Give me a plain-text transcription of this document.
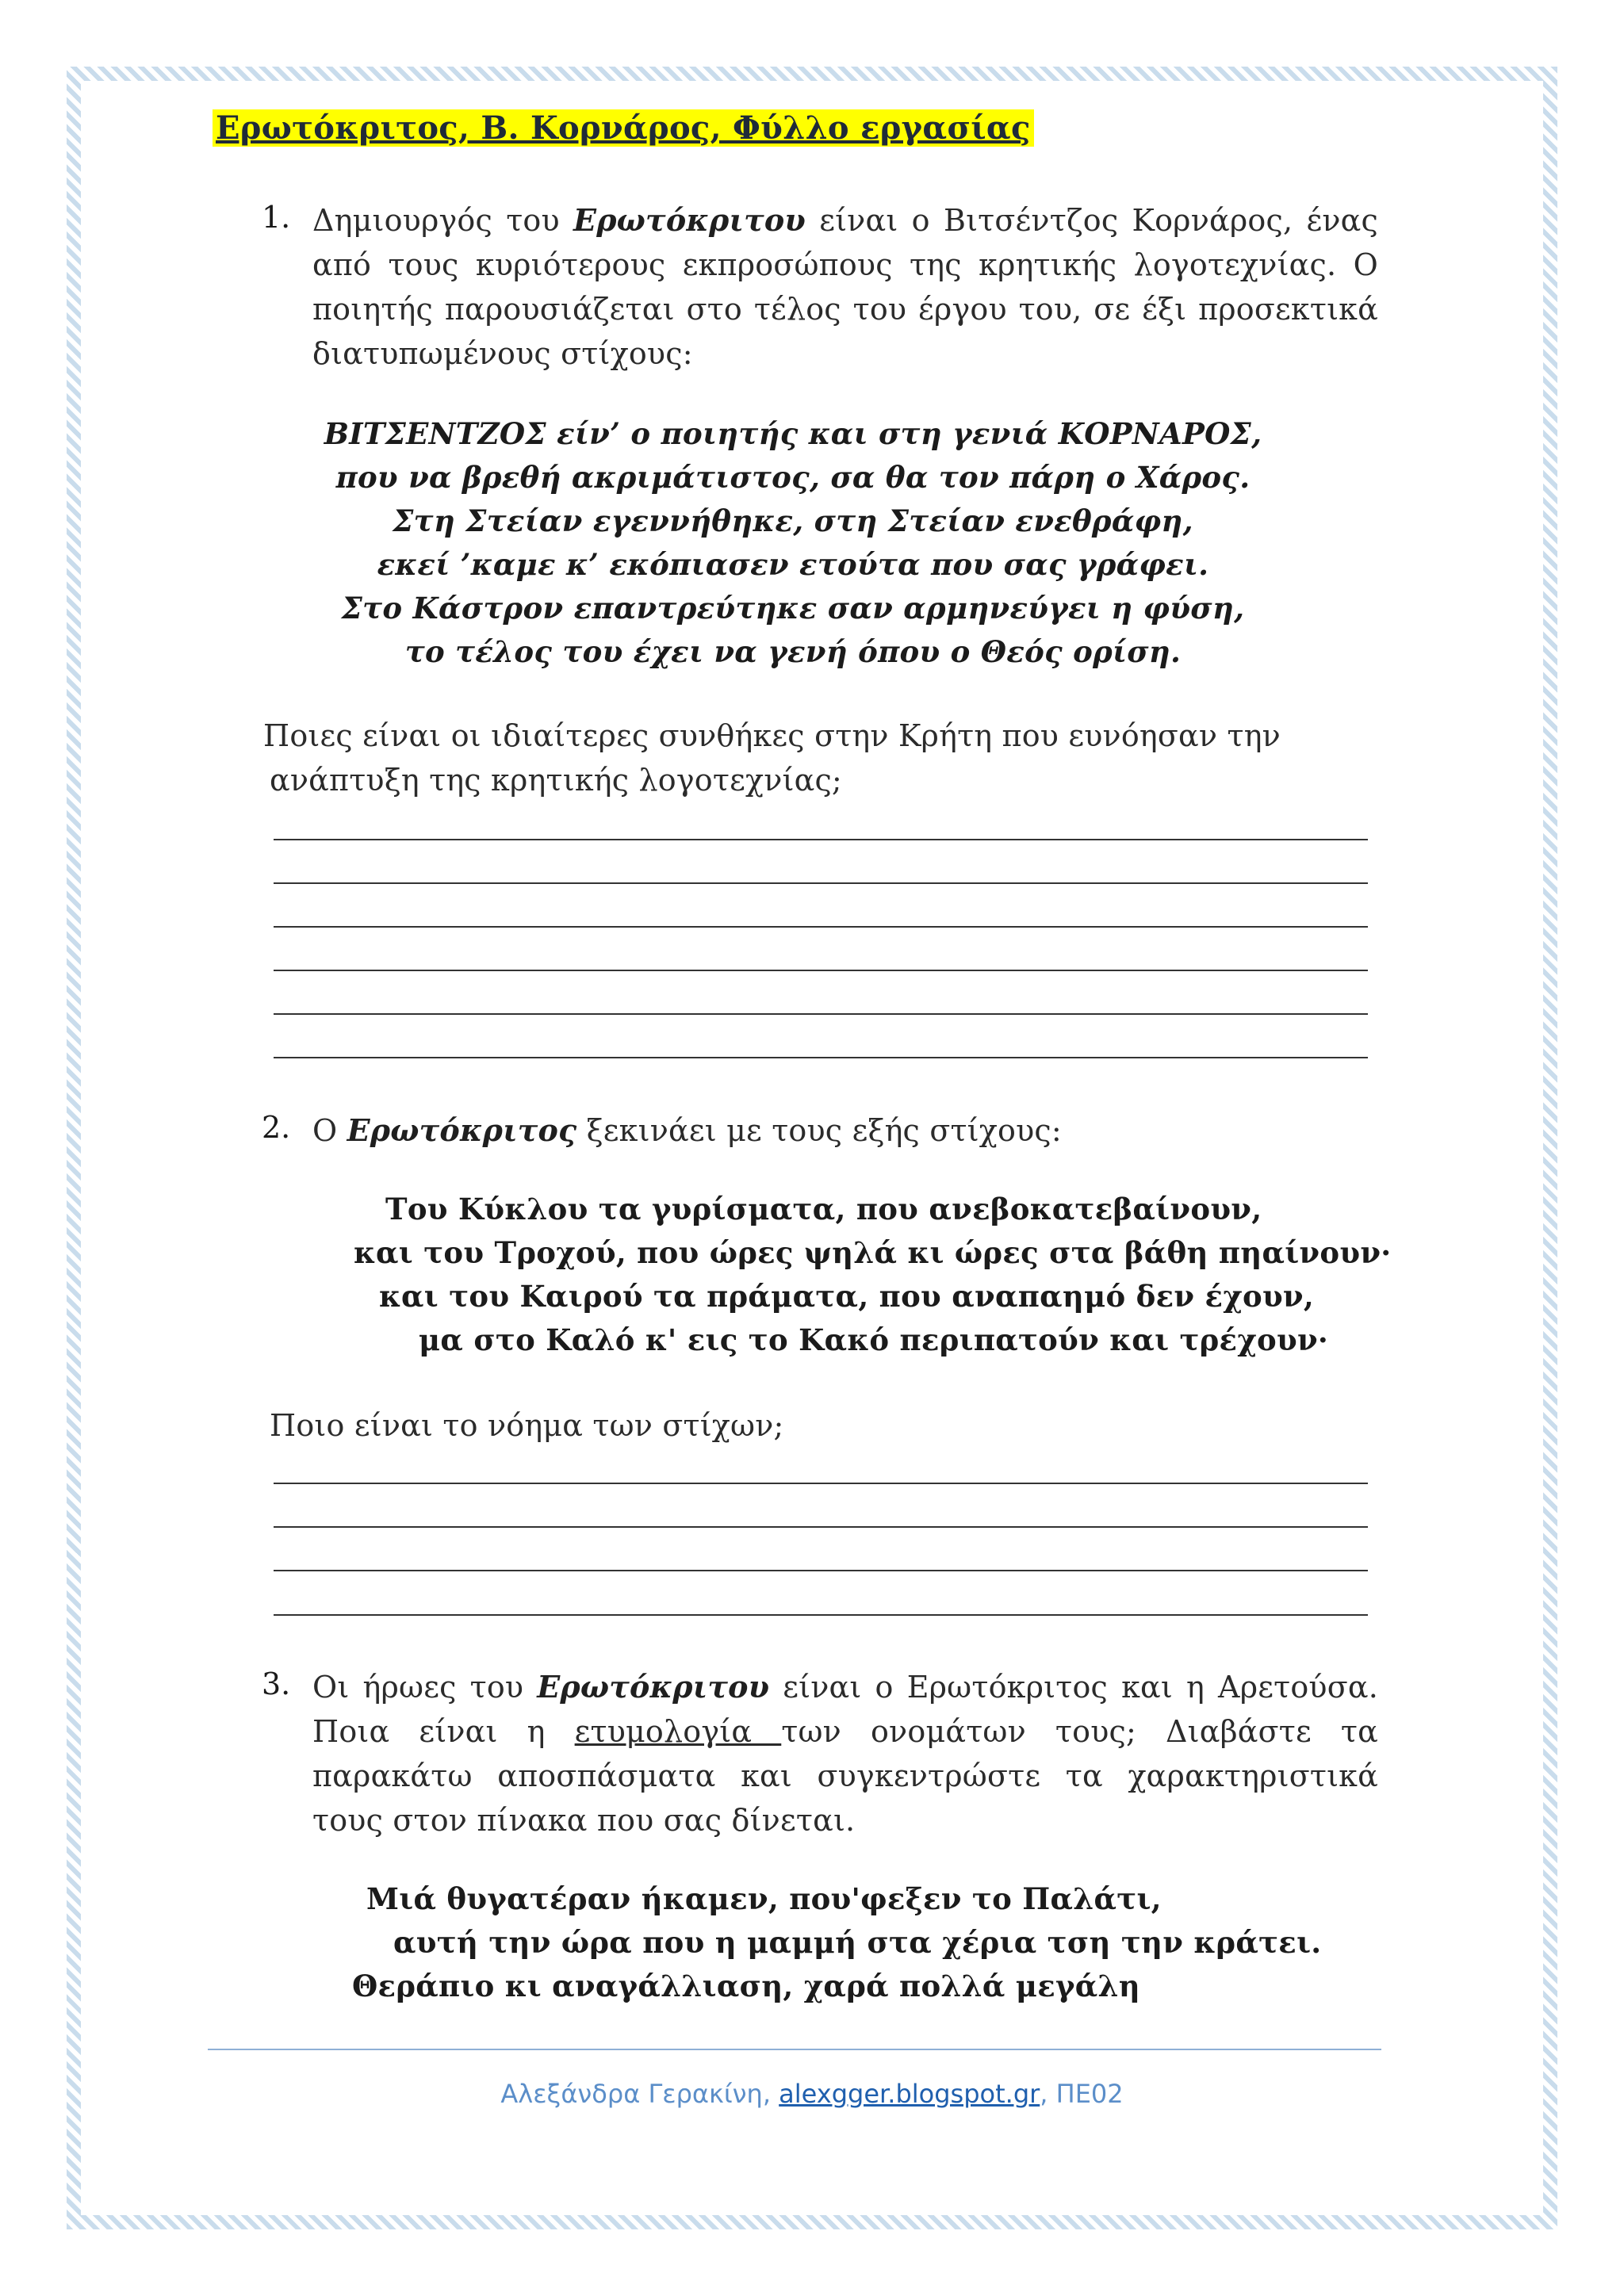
Ερωτόκριτος, Β. Κορνάρος, Φύλλο εργασίας
1. Δημιουργός του Ερωτόκριτου είναι ο Βιτσέντζος Κορνάρος, ένας από τους κυριότερους εκπροσώπους της κρητικής λογοτεχνίας. Ο ποιητής παρουσιάζεται στο τέλος του έργου του, σε έξι προσεκτικά διατυπωμένους στίχους:
ΒΙΤΣΕΝΤΖΟΣ είν’ ο ποιητής και στη γενιά ΚΟΡΝΑΡΟΣ,
που να βρεθή ακριμάτιστος, σα θα τον πάρη ο Χάρος.
Στη Στείαν εγεννήθηκε, στη Στείαν ενεθράφη,
εκεί ’καμε κ’ εκόπιασεν ετούτα που σας γράφει.
Στο Κάστρον επαντρεύτηκε σαν αρμηνεύγει η φύση,
το τέλος του έχει να γενή όπου ο Θεός ορίση.
Ποιες είναι οι ιδιαίτερες συνθήκες στην Κρήτη που ευνόησαν την
ανάπτυξη της κρητικής λογοτεχνίας;
2. Ο Ερωτόκριτος ξεκινάει με τους εξής στίχους:
Του Κύκλου τα γυρίσματα, που ανεβοκατεβαίνουν,
και του Τροχού, που ώρες ψηλά κι ώρες στα βάθη πηαίνουν·
και του Καιρού τα πράματα, που αναπαημό δεν έχουν,
μα στο Καλό κ' εις το Κακό περιπατούν και τρέχουν·
Ποιο είναι το νόημα των στίχων;
3. Οι ήρωες του Ερωτόκριτου είναι ο Ερωτόκριτος και η Αρετούσα. Ποια είναι η ετυμολογία των ονομάτων τους; Διαβάστε τα παρακάτω αποσπάσματα και συγκεντρώστε τα χαρακτηριστικά τους στον πίνακα που σας δίνεται.
Μιά θυγατέραν ήκαμεν, που'φεξεν το Παλάτι,
αυτή την ώρα που η μαμμή στα χέρια τση την κράτει.
Θεράπιο κι αναγάλλιαση, χαρά πολλά μεγάλη
Αλεξάνδρα Γερακίνη, alexgger.blogspot.gr, ΠΕ02
